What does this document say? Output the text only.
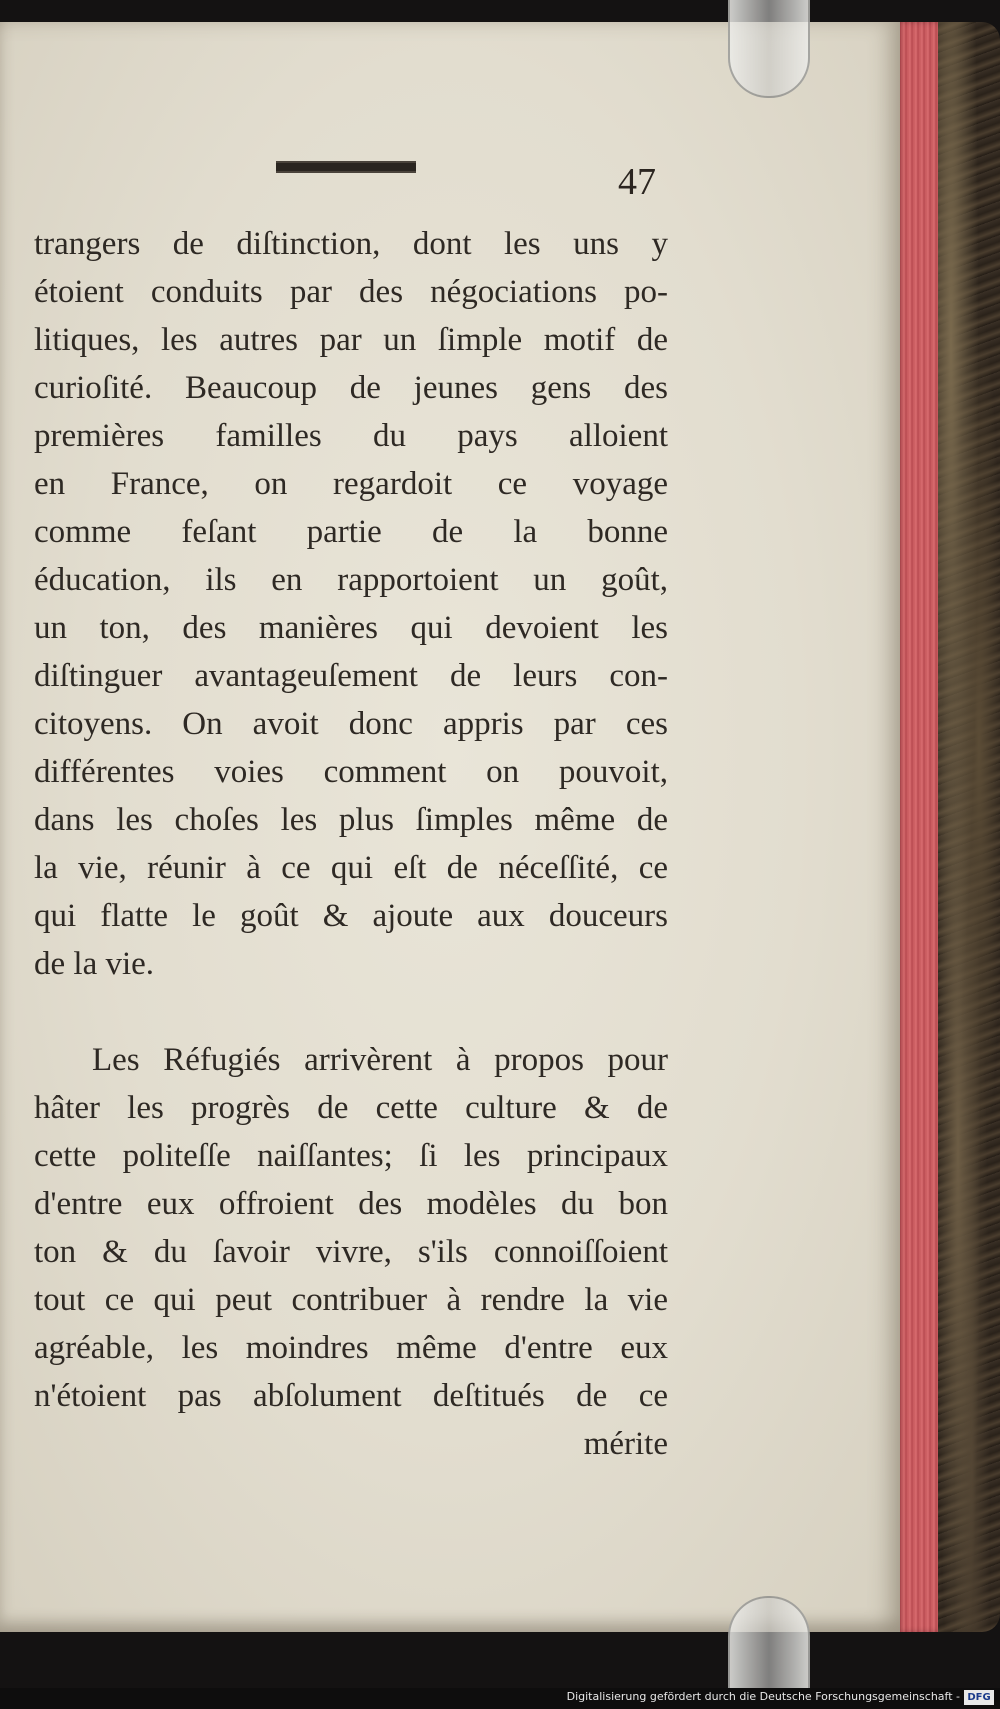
47
trangers de diſtinction, dont les uns y
étoient conduits par des négociations po-
litiques, les autres par un ſimple motif de
curioſité. Beaucoup de jeunes gens des
premières familles du pays alloient
en France, on regardoit ce voyage
comme feſant partie de la bonne
éducation, ils en rapportoient un goût,
un ton, des manières qui devoient les
diſtinguer avantageuſement de leurs con-
citoyens. On avoit donc appris par ces
différentes voies comment on pouvoit,
dans les choſes les plus ſimples même de
la vie, réunir à ce qui eſt de néceſſité, ce
qui flatte le goût & ajoute aux douceurs
de la vie.
Les Réfugiés arrivèrent à propos pour
hâter les progrès de cette culture & de
cette politeſſe naiſſantes; ſi les principaux
d'entre eux offroient des modèles du bon
ton & du ſavoir vivre, s'ils connoiſſoient
tout ce qui peut contribuer à rendre la vie
agréable, les moindres même d'entre eux
n'étoient pas abſolument deſtitués de ce
mérite
Digitalisierung gefördert durch die Deutsche Forschungsgemeinschaft - DFG
